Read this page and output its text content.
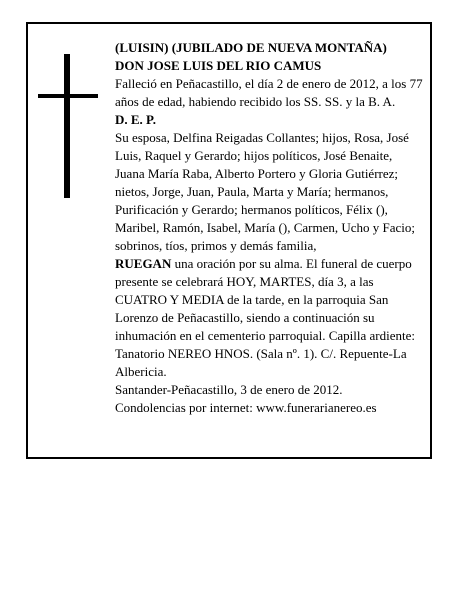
(LUISIN) (JUBILADO DE NUEVA MONTAÑA)

DON JOSE LUIS DEL RIO CAMUS

Falleció en Peñacastillo, el día 2 de enero de 2012, a los 77 años de edad, habiendo recibido los SS. SS. y la B. A.

D. E. P.

Su esposa, Delfina Reigadas Collantes; hijos, Rosa, José Luis, Raquel y Gerardo; hijos políticos, José Benaite, Juana María Raba, Alberto Portero y Gloria Gutiérrez; nietos, Jorge, Juan, Paula, Marta y María; hermanos, Purificación y Gerardo; hermanos políticos, Félix (), Maribel, Ramón, Isabel, María (), Carmen, Ucho y Facio; sobrinos, tíos, primos y demás familia,

RUEGAN una oración por su alma. El funeral de cuerpo presente se celebrará HOY, MARTES, día 3, a las CUATRO Y MEDIA de la tarde, en la parroquia San Lorenzo de Peñacastillo, siendo a continuación su inhumación en el cementerio parroquial. Capilla ardiente: Tanatorio NEREO HNOS. (Sala nº. 1). C/. Repuente-La Albericia.

Santander-Peñacastillo, 3 de enero de 2012.

Condolencias por internet: www.funerarianereo.es
